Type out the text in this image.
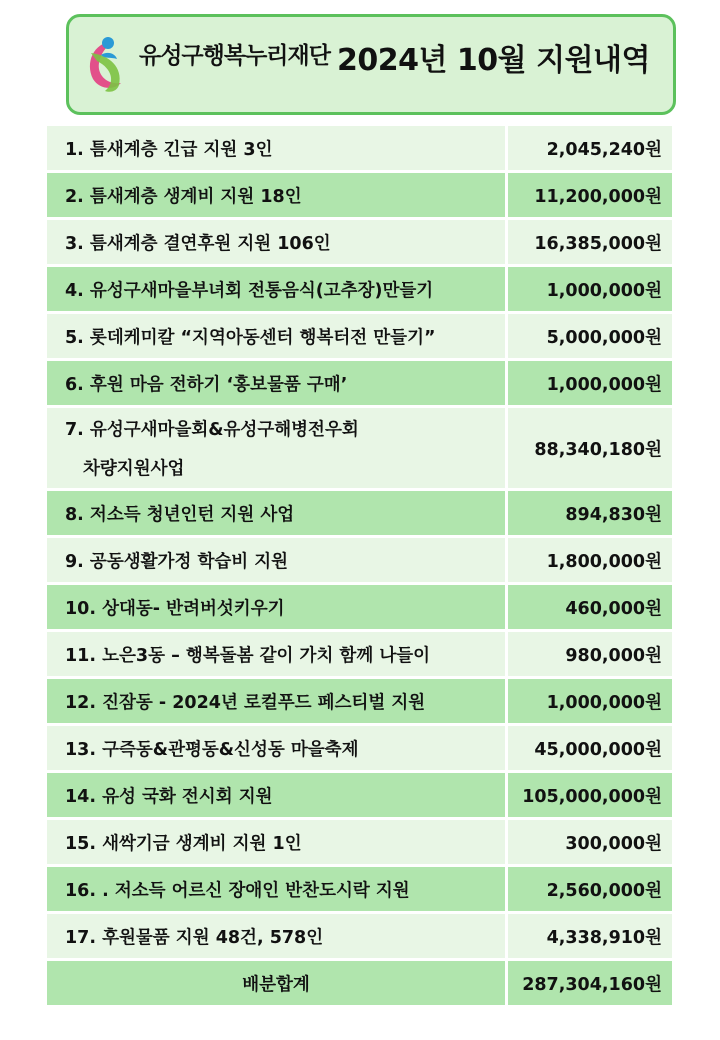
유성구행복누리재단 2024년 10월 지원내역
1. 틈새계층 긴급 지원 3인	2,045,240원
2. 틈새계층 생계비 지원 18인	11,200,000원
3. 틈새계층 결연후원 지원 106인	16,385,000원
4. 유성구새마을부녀회 전통음식(고추장)만들기	1,000,000원
5. 롯데케미칼 “지역아동센터 행복터전 만들기”	5,000,000원
6. 후원 마음 전하기 ‘홍보물품 구매’	1,000,000원

7. 유성구새마을회&유성구해병전우회
차량지원사업	88,340,180원
8. 저소득 청년인턴 지원 사업	894,830원
9. 공동생활가정 학습비 지원	1,800,000원
10. 상대동- 반려버섯키우기	460,000원
11. 노은3동 – 행복돌봄 같이 가치 함께 나들이	980,000원
12. 진잠동 - 2024년 로컬푸드 페스티벌 지원	1,000,000원
13. 구즉동&관평동&신성동 마을축제	45,000,000원
14. 유성 국화 전시회 지원	105,000,000원
15. 새싹기금 생계비 지원 1인	300,000원
16. . 저소득 어르신 장애인 반찬도시락 지원	2,560,000원
17. 후원물품 지원 48건, 578인	4,338,910원
배분합계	287,304,160원
